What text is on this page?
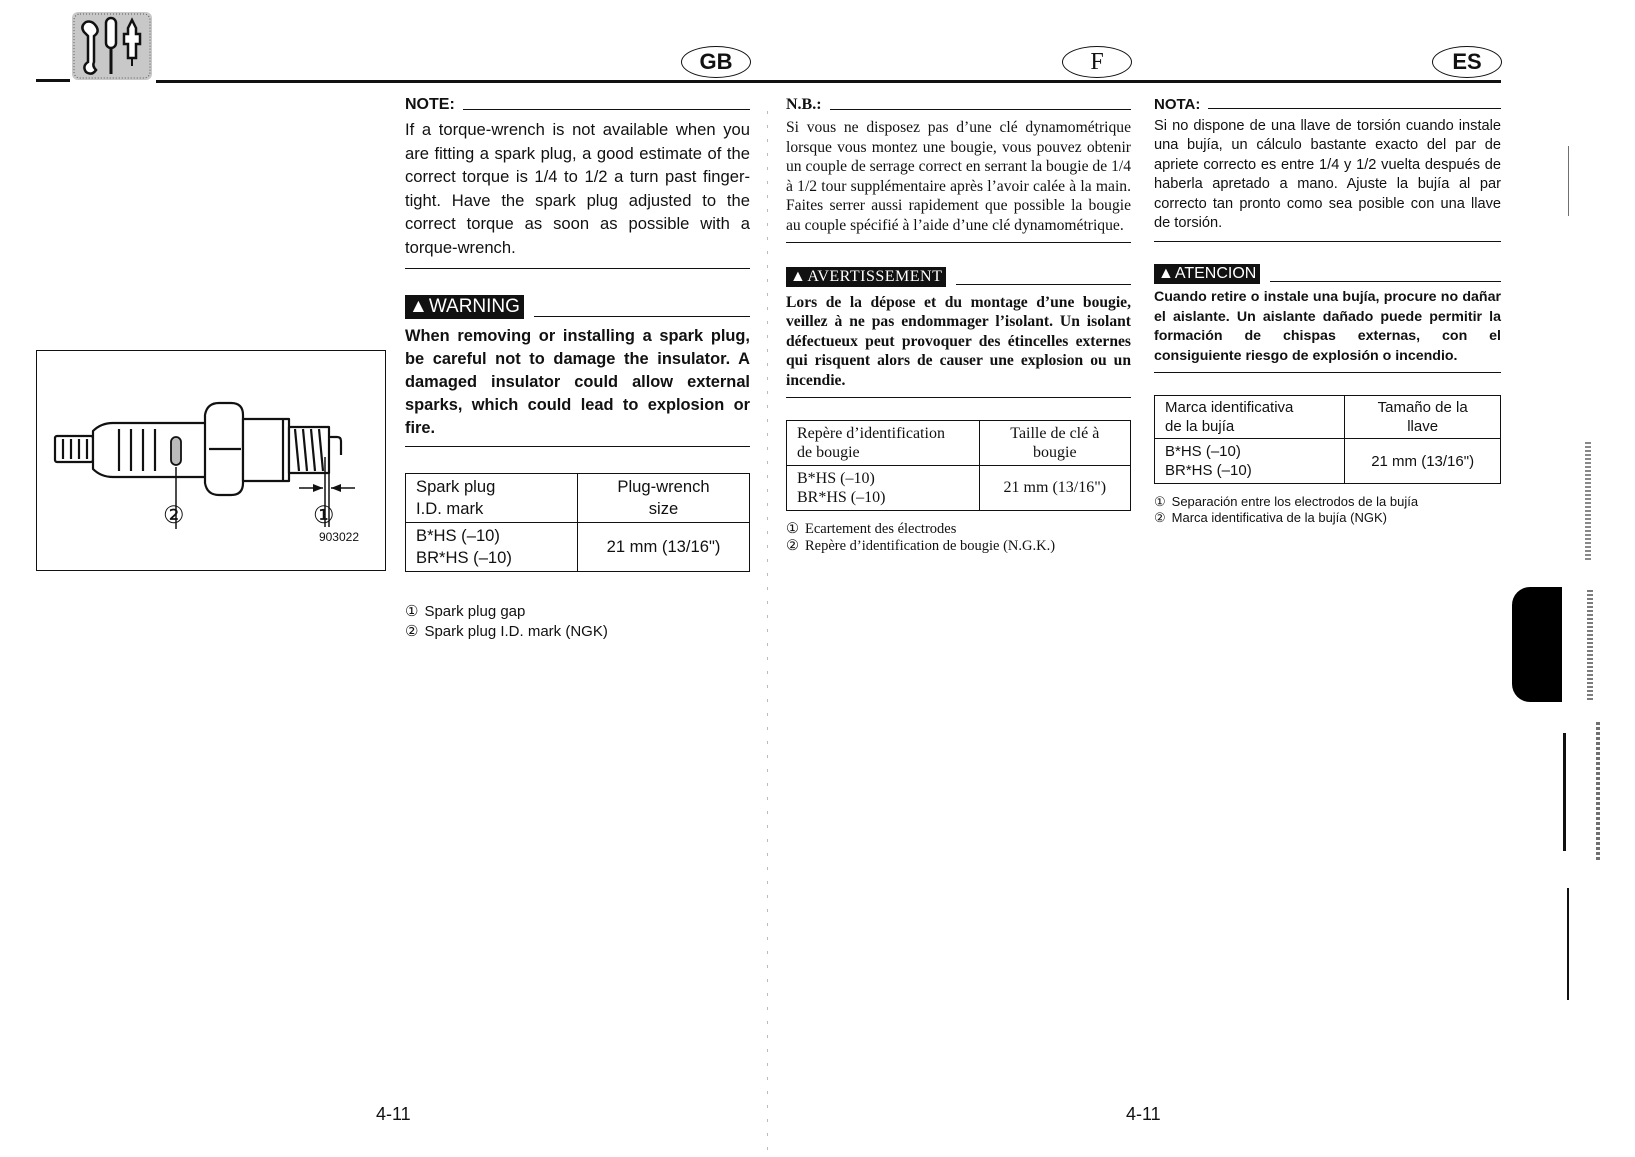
GB	F	ES
②	①
903022
NOTE:

If a torque-wrench is not available when you are fitting a spark plug, a good estimate of the correct torque is 1/4 to 1/2 a turn past finger-tight. Have the spark plug adjusted to the correct torque as soon as possible with a torque-wrench.

▲ WARNING

When removing or installing a spark plug, be careful not to damage the insulator. A damaged insulator could allow external sparks, which could lead to explosion or fire.

Spark plug
I.D. mark	Plug-wrench
size
B*HS (–10)
BR*HS (–10)	21 mm (13/16")
① Spark plug gap
② Spark plug I.D. mark (NGK)
N.B.:

Si vous ne disposez pas d’une clé dynamométrique lorsque vous montez une bougie, vous pouvez obtenir un couple de serrage correct en serrant la bougie de 1/4 à 1/2 tour supplémentaire après l’avoir calée à la main. Faites serrer aussi rapidement que possible la bougie au couple spécifié à l’aide d’une clé dynamométrique.

▲ AVERTISSEMENT

Lors de la dépose et du montage d’une bougie, veillez à ne pas endommager l’isolant. Un isolant défectueux peut provoquer des étincelles externes qui risquent alors de causer une explosion ou un incendie.

Repère d’identification
de bougie	Taille de clé à
bougie
B*HS (–10)
BR*HS (–10)	21 mm (13/16")
① Ecartement des électrodes
② Repère d’identification de bougie (N.G.K.)
NOTA:

Si no dispone de una llave de torsión cuando instale una bujía, un cálculo bastante exacto del par de apriete correcto es entre 1/4 y 1/2 vuelta después de haberla apretado a mano. Ajuste la bujía al par correcto tan pronto como sea posible con una llave de torsión.

▲ ATENCION

Cuando retire o instale una bujía, procure no dañar el aislante. Un aislante dañado puede permitir la formación de chispas externas, con el consiguiente riesgo de explosión o incendio.

Marca identificativa
de la bujía	Tamaño de la
llave
B*HS (–10)
BR*HS (–10)	21 mm (13/16")
① Separación entre los electrodos de la bujía
② Marca identificativa de la bujía (NGK)
4-11	4-11
